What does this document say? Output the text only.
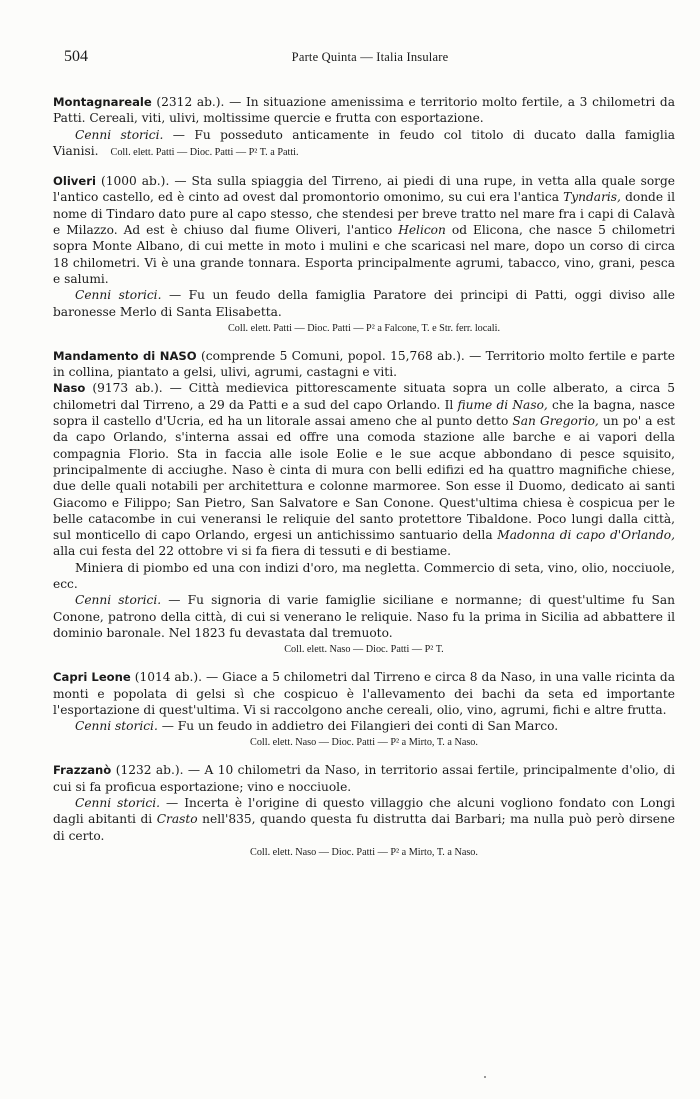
504	Parte Quinta — Italia Insulare

Montagnareale (2312 ab.). — In situazione amenissima e territorio molto fertile, a 3 chilometri da Patti. Cereali, viti, ulivi, moltissime quercie e frutta con esportazione.

Cenni storici. — Fu posseduto anticamente in feudo col titolo di ducato dalla famiglia Vianisi. Coll. elett. Patti — Dioc. Patti — P² T. a Patti.

Oliveri (1000 ab.). — Sta sulla spiaggia del Tirreno, ai piedi di una rupe, in vetta alla quale sorge l'antico castello, ed è cinto ad ovest dal promontorio omonimo, su cui era l'antica Tyndaris, donde il nome di Tindaro dato pure al capo stesso, che stendesi per breve tratto nel mare fra i capi di Calavà e Milazzo. Ad est è chiuso dal fiume Oliveri, l'antico Helicon od Elicona, che nasce 5 chilometri sopra Monte Albano, di cui mette in moto i mulini e che scaricasi nel mare, dopo un corso di circa 18 chilometri. Vi è una grande tonnara. Esporta principalmente agrumi, tabacco, vino, grani, pesca e salumi.

Cenni storici. — Fu un feudo della famiglia Paratore dei principi di Patti, oggi diviso alle baronesse Merlo di Santa Elisabetta.

Coll. elett. Patti — Dioc. Patti — P² a Falcone, T. e Str. ferr. locali.

Mandamento di NASO (comprende 5 Comuni, popol. 15,768 ab.). — Territorio molto fertile e parte in collina, piantato a gelsi, ulivi, agrumi, castagni e viti.

Naso (9173 ab.). — Città medievica pittorescamente situata sopra un colle alberato, a circa 5 chilometri dal Tirreno, a 29 da Patti e a sud del capo Orlando. Il fiume di Naso, che la bagna, nasce sopra il castello d'Ucria, ed ha un litorale assai ameno che al punto detto San Gregorio, un po' a est da capo Orlando, s'interna assai ed offre una comoda stazione alle barche e ai vapori della compagnia Florio. Sta in faccia alle isole Eolie e le sue acque abbondano di pesce squisito, principalmente di acciughe. Naso è cinta di mura con belli edifizi ed ha quattro magnifiche chiese, due delle quali notabili per architettura e colonne marmoree. Son esse il Duomo, dedicato ai santi Giacomo e Filippo; San Pietro, San Salvatore e San Conone. Quest'ultima chiesa è cospicua per le belle catacombe in cui veneransi le reliquie del santo protettore Tibaldone. Poco lungi dalla città, sul monticello di capo Orlando, ergesi un antichissimo santuario della Madonna di capo d'Orlando, alla cui festa del 22 ottobre vi si fa fiera di tessuti e di bestiame.

Miniera di piombo ed una con indizi d'oro, ma negletta. Commercio di seta, vino, olio, nocciuole, ecc.

Cenni storici. — Fu signoria di varie famiglie siciliane e normanne; di quest'ultime fu San Conone, patrono della città, di cui si venerano le reliquie. Naso fu la prima in Sicilia ad abbattere il dominio baronale. Nel 1823 fu devastata dal tremuoto.

Coll. elett. Naso — Dioc. Patti — P² T.

Capri Leone (1014 ab.). — Giace a 5 chilometri dal Tirreno e circa 8 da Naso, in una valle ricinta da monti e popolata di gelsi sì che cospicuo è l'allevamento dei bachi da seta ed importante l'esportazione di quest'ultima. Vi si raccolgono anche cereali, olio, vino, agrumi, fichi e altre frutta.

Cenni storici. — Fu un feudo in addietro dei Filangieri dei conti di San Marco.

Coll. elett. Naso — Dioc. Patti — P² a Mirto, T. a Naso.

Frazzanò (1232 ab.). — A 10 chilometri da Naso, in territorio assai fertile, principalmente d'olio, di cui si fa proficua esportazione; vino e nocciuole.

Cenni storici. — Incerta è l'origine di questo villaggio che alcuni vogliono fondato con Longi dagli abitanti di Crasto nell'835, quando questa fu distrutta dai Barbari; ma nulla può però dirsene di certo.

Coll. elett. Naso — Dioc. Patti — P² a Mirto, T. a Naso.
